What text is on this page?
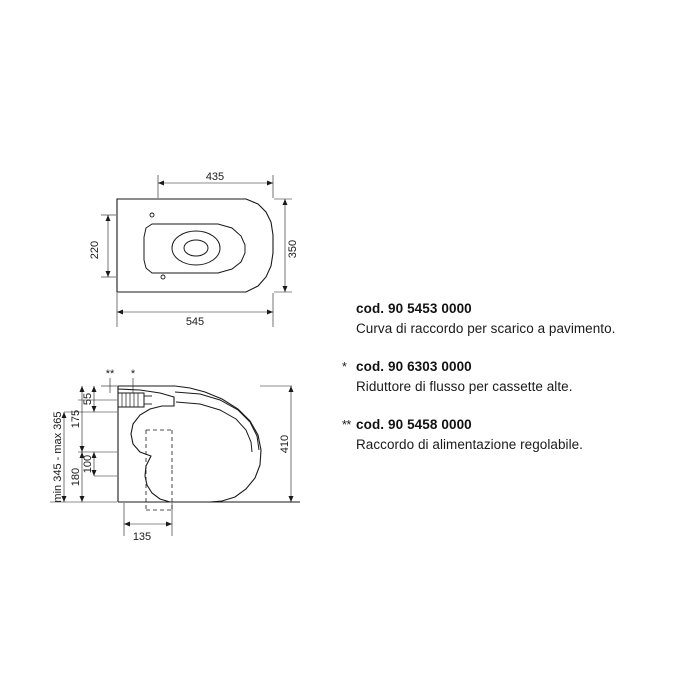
435
545
220	350
** *
55
175
100
180
min 345 - max 365	410
135
cod. 90 5453 0000
Curva di raccordo per scarico a pavimento.
* cod. 90 6303 0000
Riduttore di flusso per cassette alte.
** cod. 90 5458 0000
Raccordo di alimentazione regolabile.
